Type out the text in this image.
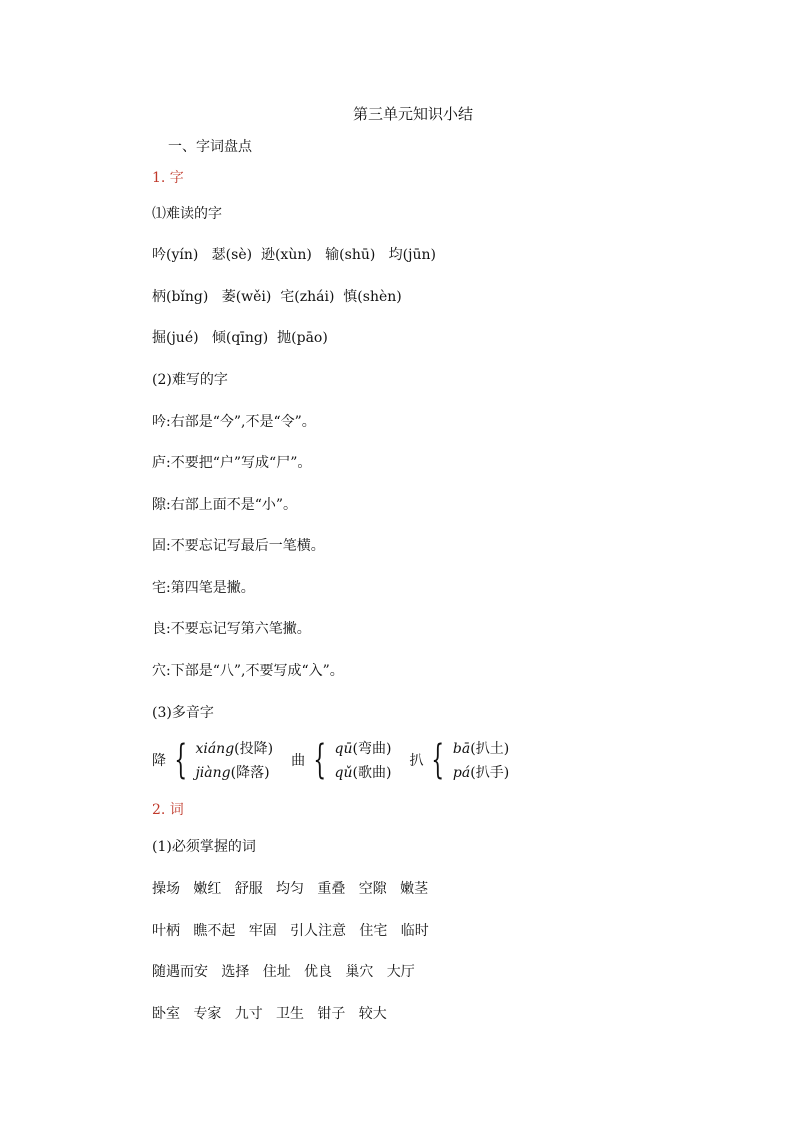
第三单元知识小结
一、字词盘点
1. 字
⑴难读的字
吟(yín)   瑟(sè)  逊(xùn)   输(shū)   均(jūn)
柄(bǐng)   萎(wěi)  宅(zhái)  慎(shèn)
掘(jué)   倾(qīng)  抛(pāo)
(2)难写的字
吟:右部是“今”,不是“令”。
庐:不要把“户”写成“尸”。
隙:右部上面不是“小”。
固:不要忘记写最后一笔横。
宅:第四笔是撇。
良:不要忘记写第六笔撇。
穴:下部是“八”,不要写成“入”。
(3)多音字
降 { xiáng(投降)
jiàng(降落)
曲 { qū(弯曲)
qǔ(歌曲)
扒 { bā(扒土)
pá(扒手)
2. 词
(1)必须掌握的词
操场   嫩红   舒服   均匀   重叠   空隙   嫩茎
叶柄   瞧不起   牢固   引人注意   住宅   临时
随遇而安   选择   住址   优良   巢穴   大厅
卧室   专家   九寸   卫生   钳子   较大
